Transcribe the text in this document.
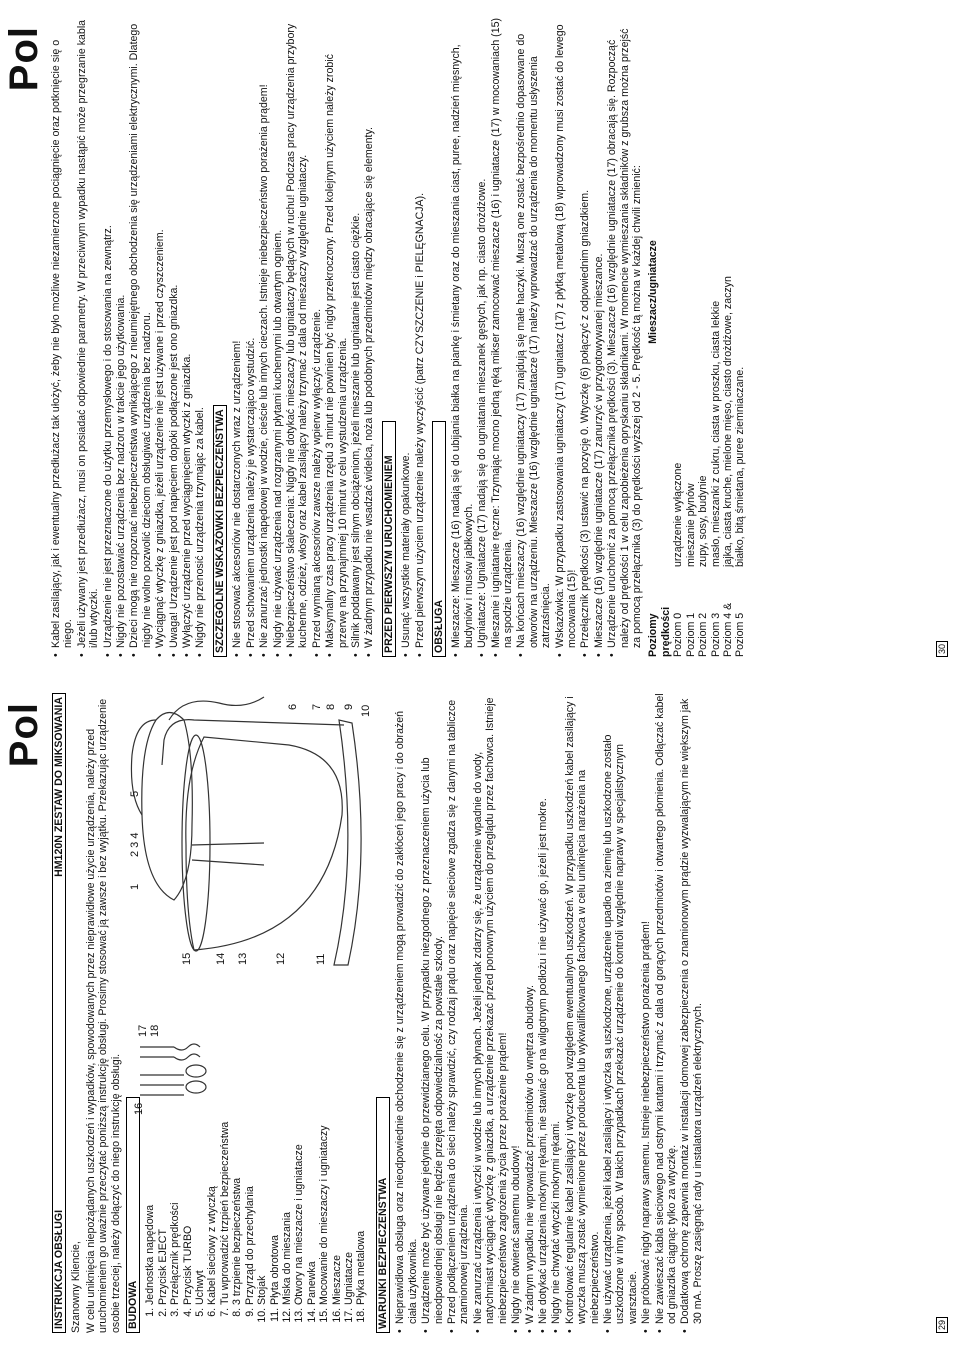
Pol
INSTRUKCJA OBSŁUGI
HM120N ZESTAW DO MIKSOWANIA

Szanowny Kliencie, W celu uniknięcia niepożądanych uszkodzeń i wypadków, spowodowanych przez nieprawidłowe użycie urządzenia, należy przed uruchomieniem go uważnie przeczytać poniższą instrukcję obsługi. Prosimy stosować ją zawsze i bez wyjątku. Przekazując urządzenie osobie trzeciej, należy dołączyć do niego instrukcję obsługi. BUDOWA 1. Jednostka napędowa 2. Przycisk EJECT 3. Przełącznik prędkości 4. Przycisk TURBO 5. Uchwyt 6. Kabel sieciowy z wtyczką 7. Tu wprowadzić trzpień bezpieczeństwa 8. 3 trzpienie bezpieczeństwa 9. Przyrząd do przechylania 10. Stojak 11. Płyta obrotowa 12. Miska do mieszania 13. Otwory na mieszacze i ugniatacze 14. Panewka 15. Mocowanie do mieszaczy i ugniataczy 16. Mieszacze 17. Ugniatacze 18. Płyka metalowa
16
17 18
1
2 3 4
5
6 7 8 9 10
11
12
13
14
15
WARUNKI BEZPIECZEŃSTWA • Nieprawidłowa obsługa oraz nieodpowiednie obchodzenie się z urządzeniem mogą prowadzić do zakłóceń jego pracy i do obrażeń ciała użytkownika. • Urządzenie może być używane jedynie do przewidzianego celu. W przypadku niezgodnego z przeznaczeniem użycia lub nieodpowiedniej obsługi nie będzie przejęta odpowiedzialność za powstałe szkody. • Przed podłączeniem urządzenia do sieci należy sprawdzić, czy rodzaj prądu oraz napięcie sieciowe zgadza się z danymi na tabliczce znamionowej urządzenia. • Nie zanurzać urządzenia i wtyczki w wodzie lub innych płynach. Jeżeli jednak zdarzy się, że urządzenie wpadnie do wody, natychmiast wyciągnąć wtyczkę z gniazdka, a urządzenie przekazać przed ponownym użyciem do przeglądu przez fachowca. Istnieje niebezpieczeństwo zagrożenia życia przez porażenie prądem! • Nigdy nie otwierać samemu obudowy! • W żadnym wypadku nie wprowadzać przedmiotów do wnętrza obudowy. • Nie dotykać urządzenia mokrymi rękami, nie stawiać go na wilgotnym podłożu i nie używać go, jeżeli jest mokre. • Nigdy nie chwytać wtyczki mokrymi rękami. • Kontrolować regularnie kabel zasilający i wtyczkę pod względem ewentualnych uszkodzeń. W przypadku uszkodzeń kabel zasilający i wtyczka muszą zostać wymienione przez producenta lub wykwalifikowanego fachowca w celu uniknięcia narażenia na niebezpieczeństwo. • Nie używać urządzenia, jeżeli kabel zasilający i wtyczka są uszkodzone, urządzenie upadło na ziemię lub uszkodzone zostało uszkodzone w inny sposób. W takich przypadkach przekazać urządzenie do kontroli względnie naprawy w specjalistycznym warsztacie. • Nie próbować nigdy naprawy samemu. Istnieje niebezpieczeństwo porażenia prądem! • Nie zawieszać kabla sieciowego nad ostrymi kantami i trzymać z dala od gorących przedmiotów i otwartego płomienia. Odłączać kabel od gniazdka ciągnąc tylko za wtyczkę. • Dodatkową ochronę zapewnia montaż w instalacji domowej zabezpieczenia o znamionowym prądzie wyzwalającym nie większym jak 30 mA. Proszę zasięgnąć rady u instalatora urządzeń elektrycznych.
29
Pol • Kabel zasilający, jak i ewentualny przedłużacz tak ułożyć, żeby nie było możliwe niezamierzone pociągnięcie oraz potknięcie się o niego. • Jeżeli używany jest przedłużacz, musi on posiadać odpowiednie parametry. W przeciwnym wypadku nastąpić może przegrzanie kabla i/lub wtyczki. • Urządzenie nie jest przeznaczone do użytku przemysłowego i do stosowania na zewnątrz. • Nigdy nie pozostawiać urządzenia bez nadzoru w trakcie jego użytkowania. • Dzieci mogą nie rozpoznać niebezpieczeństwa wynikającego z nieumiejętnego obchodzenia się urządzeniami elektrycznymi. Dlatego nigdy nie wolno pozwolić dzieciom obsługiwać urządzenia bez nadzoru. • Wyciągnąć wtyczkę z gniazdka, jeżeli urządzenie nie jest używane i przed czyszczeniem. • Uwaga! Urządzenie jest pod napięciem dopóki podłączone jest ono gniazdka. • Wyłączyć urządzenie przed wyciągnięciem wtyczki z gniazdka. • Nigdy nie przenosić urządzenia trzymając za kabel. SZCZEGÓLNE WSKAZÓWKI BEZPIECZEŃSTWA • Nie stosować akcesoriów nie dostarczonych wraz z urządzeniem! • Przed schowaniem urządzenia należy je wystarczająco wystudzić. • Nie zanurzać jednostki napędowej w wodzie, cieście lub innych cieczach. Istnieje niebezpieczeństwo porażenia prądem! • Nigdy nie używać urządzenia nad rozgrzanymi płytami kuchennymi lub otwartym ogniem. • Niebezpieczeństwo skaleczenia: Nigdy nie dotykać mieszaczy lub ugniataczy będących w ruchu! Podczas pracy urządzenia przybory kuchenne, odzież, włosy oraz kabel zasilający należy trzymać z dala od mieszaczy względnie ugniataczy. • Przed wymianą akcesoriów zawsze należy wpierw wyłączyć urządzenie. • Maksymalny czas pracy urządzenia rzędu 3 minut nie powinien być nigdy przekroczony. Przed kolejnym użyciem należy zrobić przerwę na przynajmniej 10 minut w celu wystudzenia urządzenia. • Silnik poddawany jest silnym obciążeniom, jeżeli mieszanie lub ugniatanie jest ciasto ciężkie. • W żadnym przypadku nie wsadzać widelca, noża lub podobnych przedmiotów między obracające się elementy. PRZED PIERWSZYM URUCHOMIENIEM • Usunąć wszystkie materiały opakunkowe. • Przed pierwszym użyciem urządzenie należy wyczyścić (patrz CZYSZCZENIE i PIELĘGNACJA). OBSŁUGA • Mieszacze: Mieszacze (16) nadają się do ubijania białka na piankę i śmietany oraz do mieszania ciast, puree, nadzień mięsnych, budyniów i musów jabłkowych. • Ugniatacze: Ugniatacze (17) nadają się do ugniatania mieszanek gęstych, jak np. ciasto drożdżowe. • Mieszanie i ugniatanie ręczne: Trzymając mocno jedną ręką mikser zamocować mieszacze (16) i ugniatacze (17) w mocowaniach (15) na spodzie urządzenia. • Na końcach mieszaczy (16) względnie ugniataczy (17) znajdują się małe haczyki. Muszą one zostać bezpośrednio dopasowane do otworów na urządzeniu. Mieszacze (16) względnie ugniatacze (17) należy wprowadzać do urządzenia do momentu usłyszenia zatrzaśnięcia. • Wskazówka: W przypadku zastosowania ugniataczy (17) ugniatacz (17) z płytką metalową (18) wprowadzony musi zostać do lewego mocowania (15)! • Przełącznik prędkości (3) ustawić na pozycję 0. Wtyczkę (6) połączyć z odpowiednim gniazdkiem. • Mieszacze (16) względnie ugniatacze (17) zanurzyć w przygotowywanej mieszance. • Urządzenie uruchomić za pomocą przełącznika prędkości (3). Mieszacze (16) względnie ugniatacze (17) obracają się. Rozpocząć należy od prędkości 1 w celu zapobieżenia opryskaniu składnikami. W momencie wymieszania składników z grubsza można przejść za pomocą przełącznika (3) do prędkości wyższej od 2 - 5. Prędkość tą można w każdej chwili zmienić: Poziomy prędkości
Mieszacz/ugniatacze
Poziom 0
urządzenie wyłączone
Poziom 1
mieszanie płynów
Poziom 2
zupy, sosy, budynie
Poziom 3
masło, mieszanki z cukru, ciasta w proszku, ciasta lekkie
Poziom 4 &
jajka, ciasta kruche, mielone mięso, ciasto drożdżowe, zaczyn
Poziom 5
białko, bitą śmietana, puree ziemniaczane.
30
